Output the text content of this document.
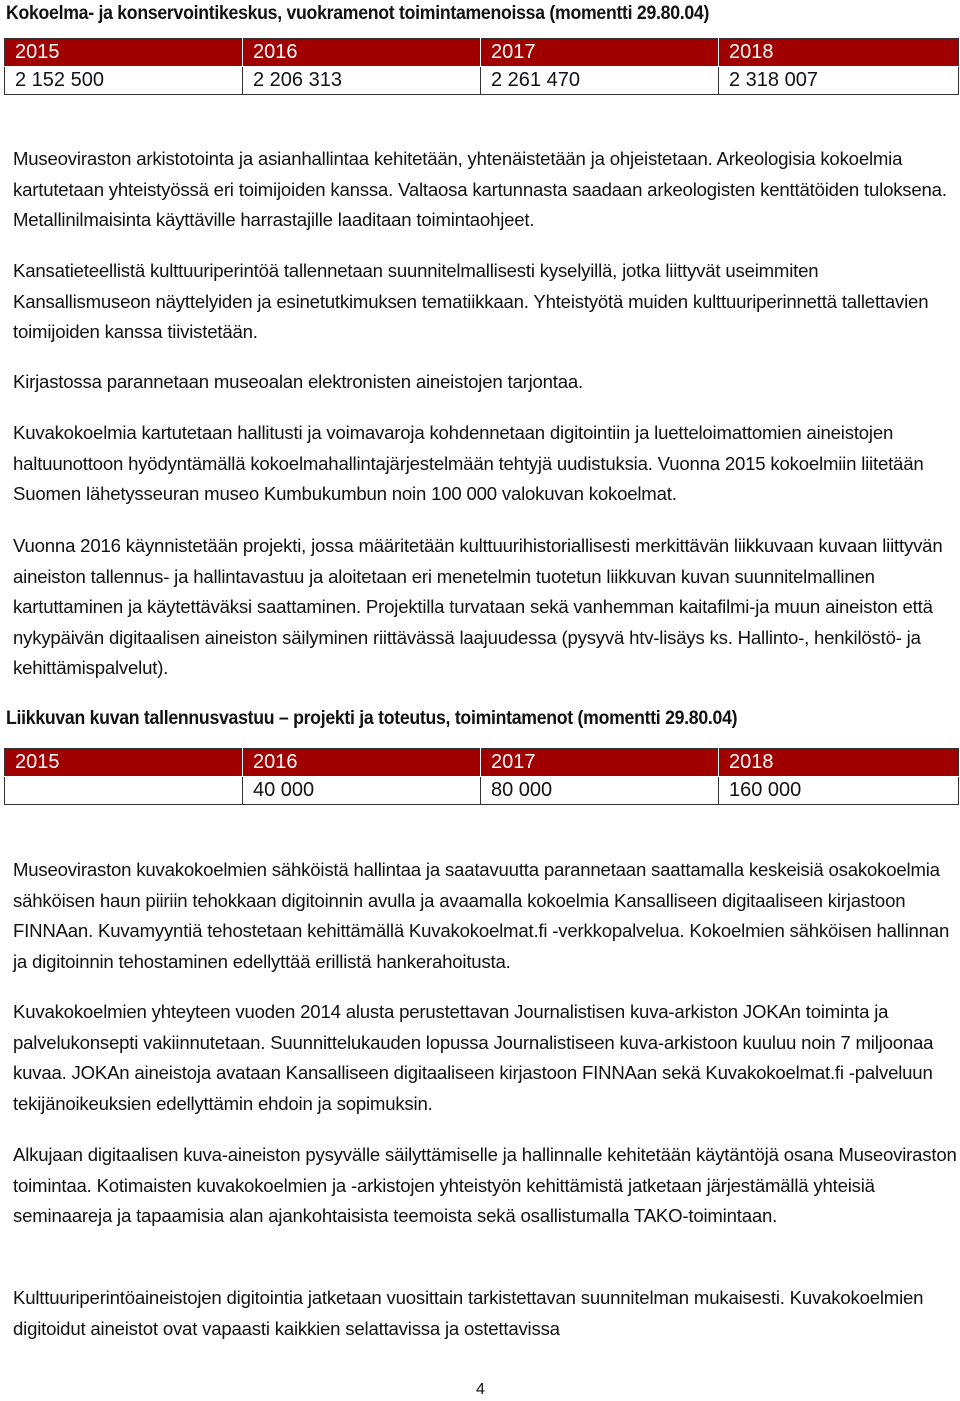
Kokoelma- ja konservointikeskus, vuokramenot toimintamenoissa (momentti 29.80.04)
2015	2016	2017	2018
2 152 500	2 206 313	2 261 470	2 318 007
Museoviraston arkistotointa ja asianhallintaa kehitetään, yhtenäistetään ja ohjeistetaan. Arkeologisia kokoelmia kartutetaan yhteistyössä eri toimijoiden kanssa. Valtaosa kartunnasta saadaan arkeologisten kenttätöiden tuloksena. Metallinilmaisinta käyttäville harrastajille laaditaan toimintaohjeet.
Kansatieteellistä kulttuuriperintöä tallennetaan suunnitelmallisesti kyselyillä, jotka liittyvät useimmiten Kansallismuseon näyttelyiden ja esinetutkimuksen tematiikkaan. Yhteistyötä muiden kulttuuriperinnettä tallettavien toimijoiden kanssa tiivistetään.
Kirjastossa parannetaan museoalan elektronisten aineistojen tarjontaa.
Kuvakokoelmia kartutetaan hallitusti ja voimavaroja kohdennetaan digitointiin ja luetteloimattomien aineistojen haltuunottoon hyödyntämällä kokoelmahallintajärjestelmään tehtyjä uudistuksia. Vuonna 2015 kokoelmiin liitetään Suomen lähetysseuran museo Kumbukumbun noin 100 000 valokuvan kokoelmat.
Vuonna 2016 käynnistetään projekti, jossa määritetään kulttuurihistoriallisesti merkittävän liikkuvaan kuvaan liittyvän aineiston tallennus- ja hallintavastuu ja aloitetaan eri menetelmin tuotetun liikkuvan kuvan suunnitelmallinen kartuttaminen ja käytettäväksi saattaminen. Projektilla turvataan sekä vanhemman kaitafilmi-ja muun aineiston että nykypäivän digitaalisen aineiston säilyminen riittävässä laajuudessa (pysyvä htv-lisäys ks. Hallinto-, henkilöstö- ja kehittämispalvelut).
Liikkuvan kuvan tallennusvastuu – projekti ja toteutus, toimintamenot (momentti 29.80.04)
2015	2016	2017	2018
	40 000	80 000	160 000
Museoviraston kuvakokoelmien sähköistä hallintaa ja saatavuutta parannetaan saattamalla keskeisiä osakokoelmia sähköisen haun piiriin tehokkaan digitoinnin avulla ja avaamalla kokoelmia Kansalliseen digitaaliseen kirjastoon FINNAan. Kuvamyyntiä tehostetaan kehittämällä Kuvakokoelmat.fi -verkkopalvelua. Kokoelmien sähköisen hallinnan ja digitoinnin tehostaminen edellyttää erillistä hankerahoitusta.
Kuvakokoelmien yhteyteen vuoden 2014 alusta perustettavan Journalistisen kuva-arkiston JOKAn toiminta ja palvelukonsepti vakiinnutetaan. Suunnittelukauden lopussa Journalistiseen kuva-arkistoon kuuluu noin 7 miljoonaa kuvaa. JOKAn aineistoja avataan Kansalliseen digitaaliseen kirjastoon FINNAan sekä Kuvakokoelmat.fi -palveluun tekijänoikeuksien edellyttämin ehdoin ja sopimuksin.
Alkujaan digitaalisen kuva-aineiston pysyvälle säilyttämiselle ja hallinnalle kehitetään käytäntöjä osana Museoviraston toimintaa. Kotimaisten kuvakokoelmien ja -arkistojen yhteistyön kehittämistä jatketaan järjestämällä yhteisiä seminaareja ja tapaamisia alan ajankohtaisista teemoista sekä osallistumalla TAKO-toimintaan.
Kulttuuriperintöaineistojen digitointia jatketaan vuosittain tarkistettavan suunnitelman mukaisesti. Kuvakokoelmien digitoidut aineistot ovat vapaasti kaikkien selattavissa ja ostettavissa
4
